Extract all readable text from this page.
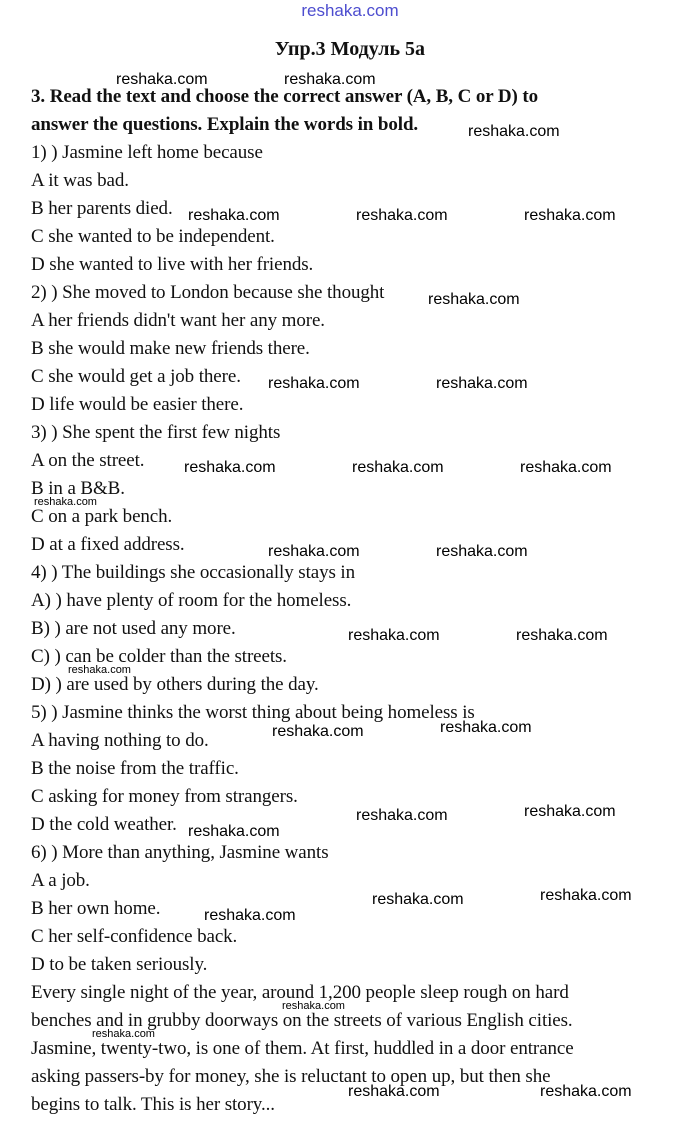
reshaka.com
Упр.3 Модуль 5a
3. Read the text and choose the correct answer (A, B, C or D) to
answer the questions. Explain the words in bold.
1) ) Jasmine left home because
A it was bad.
B her parents died.
C she wanted to be independent.
D she wanted to live with her friends.
2) ) She moved to London because she thought
A her friends didn't want her any more.
B she would make new friends there.
C she would get a job there.
D life would be easier there.
3) ) She spent the first few nights
A on the street.
B in a B&B.
C on a park bench.
D at a fixed address.
4) ) The buildings she occasionally stays in
A) ) have plenty of room for the homeless.
B) ) are not used any more.
C) ) can be colder than the streets.
D) ) are used by others during the day.
5) ) Jasmine thinks the worst thing about being homeless is
A having nothing to do.
B the noise from the traffic.
C asking for money from strangers.
D the cold weather.
6) ) More than anything, Jasmine wants
A a job.
B her own home.
C her self-confidence back.
D to be taken seriously.
Every single night of the year, around 1,200 people sleep rough on hard
benches and in grubby doorways on the streets of various English cities.
Jasmine, twenty-two, is one of them. At first, huddled in a door entrance
asking passers-by for money, she is reluctant to open up, but then she
begins to talk. This is her story...
reshaka.com	reshaka.com
reshaka.com
reshaka.com	reshaka.com	reshaka.com
reshaka.com
reshaka.com	reshaka.com
reshaka.com	reshaka.com	reshaka.com
reshaka.com
reshaka.com	reshaka.com
reshaka.com	reshaka.com
reshaka.com
reshaka.com	reshaka.com
reshaka.com	reshaka.com
reshaka.com
reshaka.com	reshaka.com
reshaka.com
reshaka.com
reshaka.com
reshaka.com	reshaka.com
